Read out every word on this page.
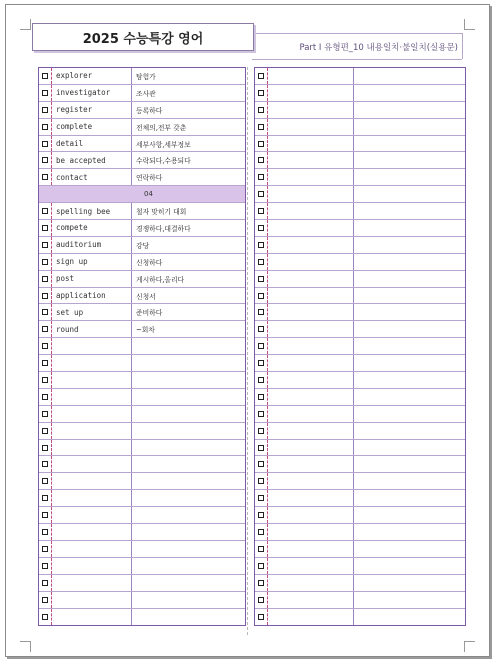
2025 수능특강 영어
Part I 유형편_10 내용일치·불일치(실용문)
explorer	탐험가
investigator	조사관
register	등록하다
complete	전체의,전부 갖춘
detail	세부사항,세부정보
be accepted	수락되다,수용되다
contact	연락하다
04
spelling bee	철자 맞히기 대회
compete	경쟁하다,대결하다
auditorium	강당
sign up	신청하다
post	게시하다,올리다
application	신청서
set up	준비하다
round	~회차
